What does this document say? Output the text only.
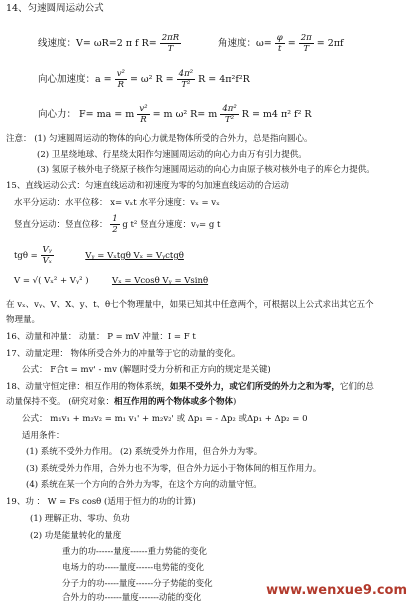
14、匀速圆周运动公式
线速度：V= ωR=2 π f $R= \frac{2\pi R}{T}$	角速度：$\omega= \frac{\varphi}{t} = \frac{2\pi}{T} = 2\pi f$
向心加速度：$a = \frac{\text{v²}}{R} = \omega^2$ $R = \frac{\text{4π²}}{\text{T²}}$ R = 4π²f²R
向心力： F= ma = m $\frac{\text{v²}}{R} = m$ ω² R= m $\frac{\text{4π²}}{\text{T²}}$ R = m4 π² f² R
注意： (1) 匀速圆周运动的物体的向心力就是物体所受的合外力，总是指向圆心。
(2) 卫星绕地球、行星绕太阳作匀速圆周运动的向心力由万有引力提供。
(3) 氢原子核外电子绕原子核作匀速圆周运动的向心力由原子核对核外电子的库仑力提供。
15、直线运动公式：匀速直线运动和初速度为零的匀加速直线运动的合运动
水平分运动：水平位移： x= vₓt 水平分速度：vₓ = vₓ
竖直分运动：竖直位移： $\frac{1}{2}$ g t² 竖直分速度：vᵧ= g t
$tg\theta = \frac{\text{Vᵧ}}{\text{Vₓ}}$	Vᵧ = Vₓtgθ Vₓ = Vᵧctgθ
V = √( Vₓ² + Vᵧ² )	Vₓ = Vcosθ Vᵧ = Vsinθ
在 vₓ、vᵧ、V、X、y、t、θ七个物理量中，如果已知其中任意两个，可根据以上公式求出其它五个
物理量。
16、动量和冲量： 动量： P = mV 冲量：I = F t
17、动量定理： 物体所受合外力的冲量等于它的动量的变化。
公式： F合t = mv' - mv (解题时受力分析和正方向的规定是关键)
18、动量守恒定律：相互作用的物体系统，如果不受外力，或它们所受的外力之和为零，它们的总
动量保持不变。 (研究对象：相互作用的两个物体或多个物体)
公式： m₁v₁ + m₂v₂ = m₁ v₁' + m₂v₂' 或 Δp₁ = - Δp₂ 或Δp₁ + Δp₂ = 0
适用条件：
(1) 系统不受外力作用。 (2) 系统受外力作用，但合外力为零。
(3) 系统受外力作用，合外力也不为零，但合外力远小于物体间的相互作用力。
(4) 系统在某一个方向的合外力为零，在这个方向的动量守恒。
19、功 ： W = Fs cosθ (适用于恒力的功的计算)
(1) 理解正功、零功、负功
(2) 功是能量转化的量度
重力的功------量度------重力势能的变化
电场力的功-----量度------电势能的变化
分子力的功-----量度------分子势能的变化
合外力的功------量度-------动能的变化	www.wenxue9.com
